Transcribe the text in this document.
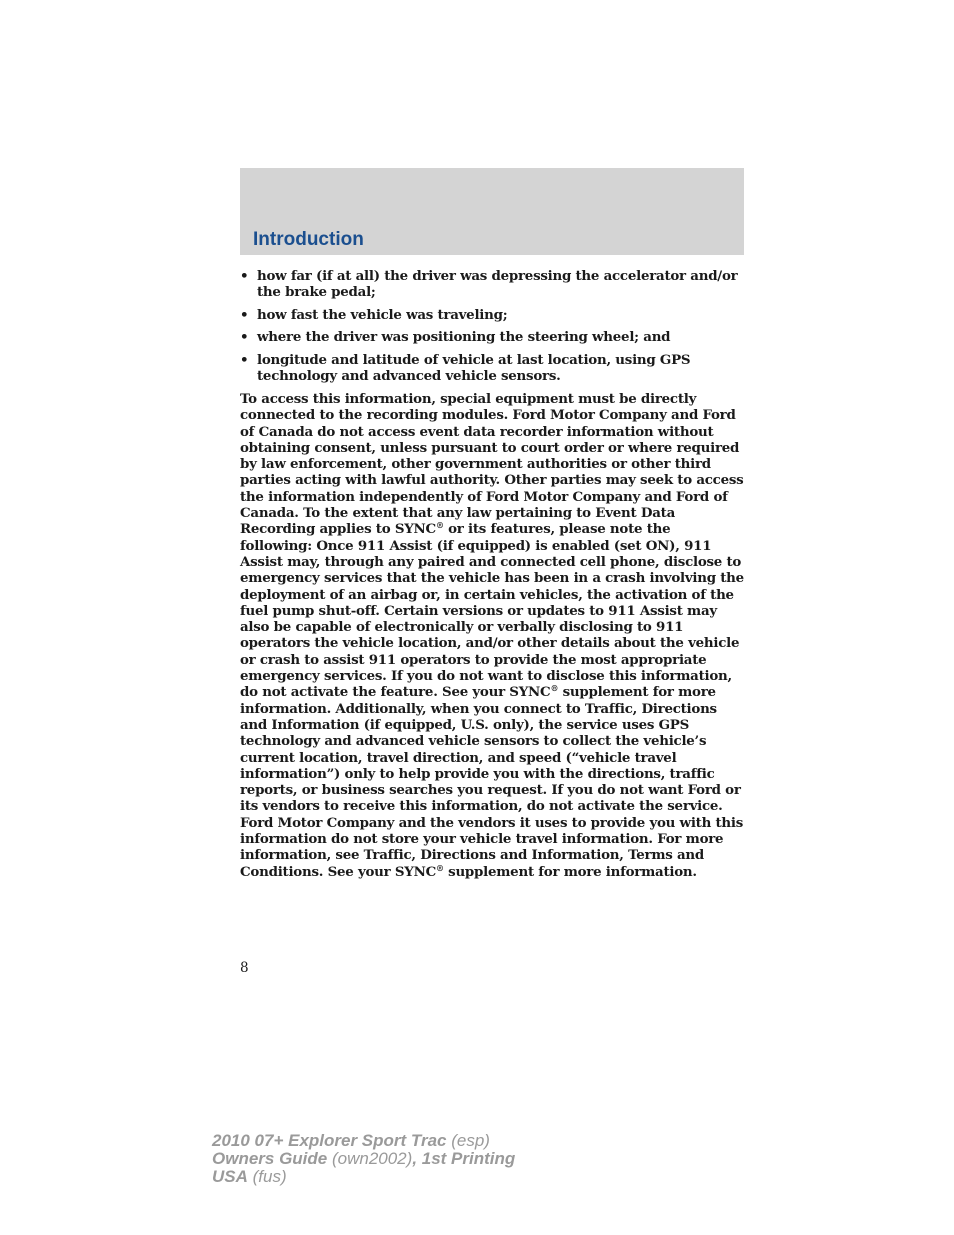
Introduction
• how far (if at all) the driver was depressing the accelerator and/or the brake pedal;
• how fast the vehicle was traveling;
• where the driver was positioning the steering wheel; and
• longitude and latitude of vehicle at last location, using GPS technology and advanced vehicle sensors.

To access this information, special equipment must be directly connected to the recording modules. Ford Motor Company and Ford of Canada do not access event data recorder information without obtaining consent, unless pursuant to court order or where required by law enforcement, other government authorities or other third parties acting with lawful authority. Other parties may seek to access the information independently of Ford Motor Company and Ford of Canada. To the extent that any law pertaining to Event Data Recording applies to SYNC® or its features, please note the following: Once 911 Assist (if equipped) is enabled (set ON), 911 Assist may, through any paired and connected cell phone, disclose to emergency services that the vehicle has been in a crash involving the deployment of an airbag or, in certain vehicles, the activation of the fuel pump shut-off. Certain versions or updates to 911 Assist may also be capable of electronically or verbally disclosing to 911 operators the vehicle location, and/or other details about the vehicle or crash to assist 911 operators to provide the most appropriate emergency services. If you do not want to disclose this information, do not activate the feature. See your SYNC® supplement for more information. Additionally, when you connect to Traffic, Directions and Information (if equipped, U.S. only), the service uses GPS technology and advanced vehicle sensors to collect the vehicle’s current location, travel direction, and speed (“vehicle travel information”) only to help provide you with the directions, traffic reports, or business searches you request. If you do not want Ford or its vendors to receive this information, do not activate the service. Ford Motor Company and the vendors it uses to provide you with this information do not store your vehicle travel information. For more information, see Traffic, Directions and Information, Terms and Conditions. See your SYNC® supplement for more information.

8
2010 07+ Explorer Sport Trac (esp)
Owners Guide (own2002), 1st Printing
USA (fus)
